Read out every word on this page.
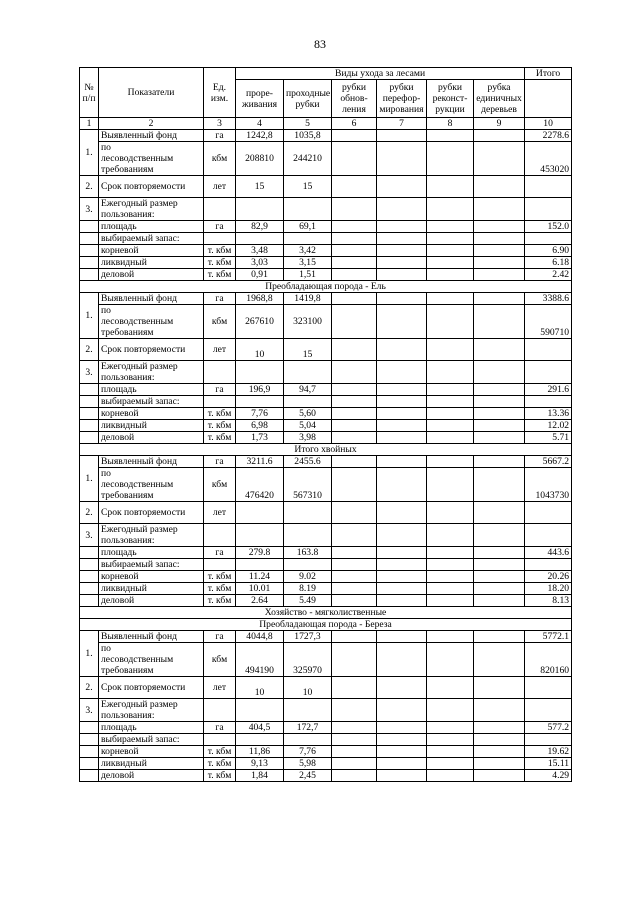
83
№ п/п	Показатели	Ед. изм.	Виды ухода за лесами						Итого
			проре-живания	проходные рубки	рубки обнов-ления	рубки перефор-мирования	рубки реконст-рукции	рубка единичных деревьев	
1	2	3	4	5	6	7	8	9	10
1.	Выявленный фонд	га	1242,8	1035,8					2278.6
	по
лесоводственным
требованиям	кбм	208810	244210					453020
2.	Срок повторяемости	лет	15	15					
3.	Ежегодный размер пользования:								
	площадь	га	82,9	69,1					152.0
	выбираемый запас:								
	корневой	т. кбм	3,48	3,42					6.90
	ликвидный	т. кбм	3,03	3,15					6.18
	деловой	т. кбм	0,91	1,51					2.42
Преобладающая порода - Ель									
1.	Выявленный фонд	га	1968,8	1419,8					3388.6
	по
лесоводственным
требованиям	кбм	267610	323100					590710
2.	Срок повторяемости	лет	10	15					
3.	Ежегодный размер пользования:								
	площадь	га	196,9	94,7					291.6
	выбираемый запас:								
	корневой	т. кбм	7,76	5,60					13.36
	ликвидный	т. кбм	6,98	5,04					12.02
	деловой	т. кбм	1,73	3,98					5.71
Итого хвойных									
1.	Выявленный фонд	га	3211.6	2455.6					5667.2
	по
лесоводственным
требованиям	кбм	476420	567310					1043730
2.	Срок повторяемости	лет							
3.	Ежегодный размер пользования:								
	площадь	га	279.8	163.8					443.6
	выбираемый запас:								
	корневой	т. кбм	11.24	9.02					20.26
	ликвидный	т. кбм	10.01	8.19					18.20
	деловой	т. кбм	2.64	5.49					8.13
Хозяйство - мягколиственные									
Преобладающая порода - Береза									
1.	Выявленный фонд	га	4044,8	1727,3					5772.1
	по
лесоводственным
требованиям	кбм	494190	325970					820160
2.	Срок повторяемости	лет	10	10					
3.	Ежегодный размер пользования:								
	площадь	га	404,5	172,7					577.2
	выбираемый запас:								
	корневой	т. кбм	11,86	7,76					19.62
	ликвидный	т. кбм	9,13	5,98					15.11
	деловой	т. кбм	1,84	2,45					4.29
